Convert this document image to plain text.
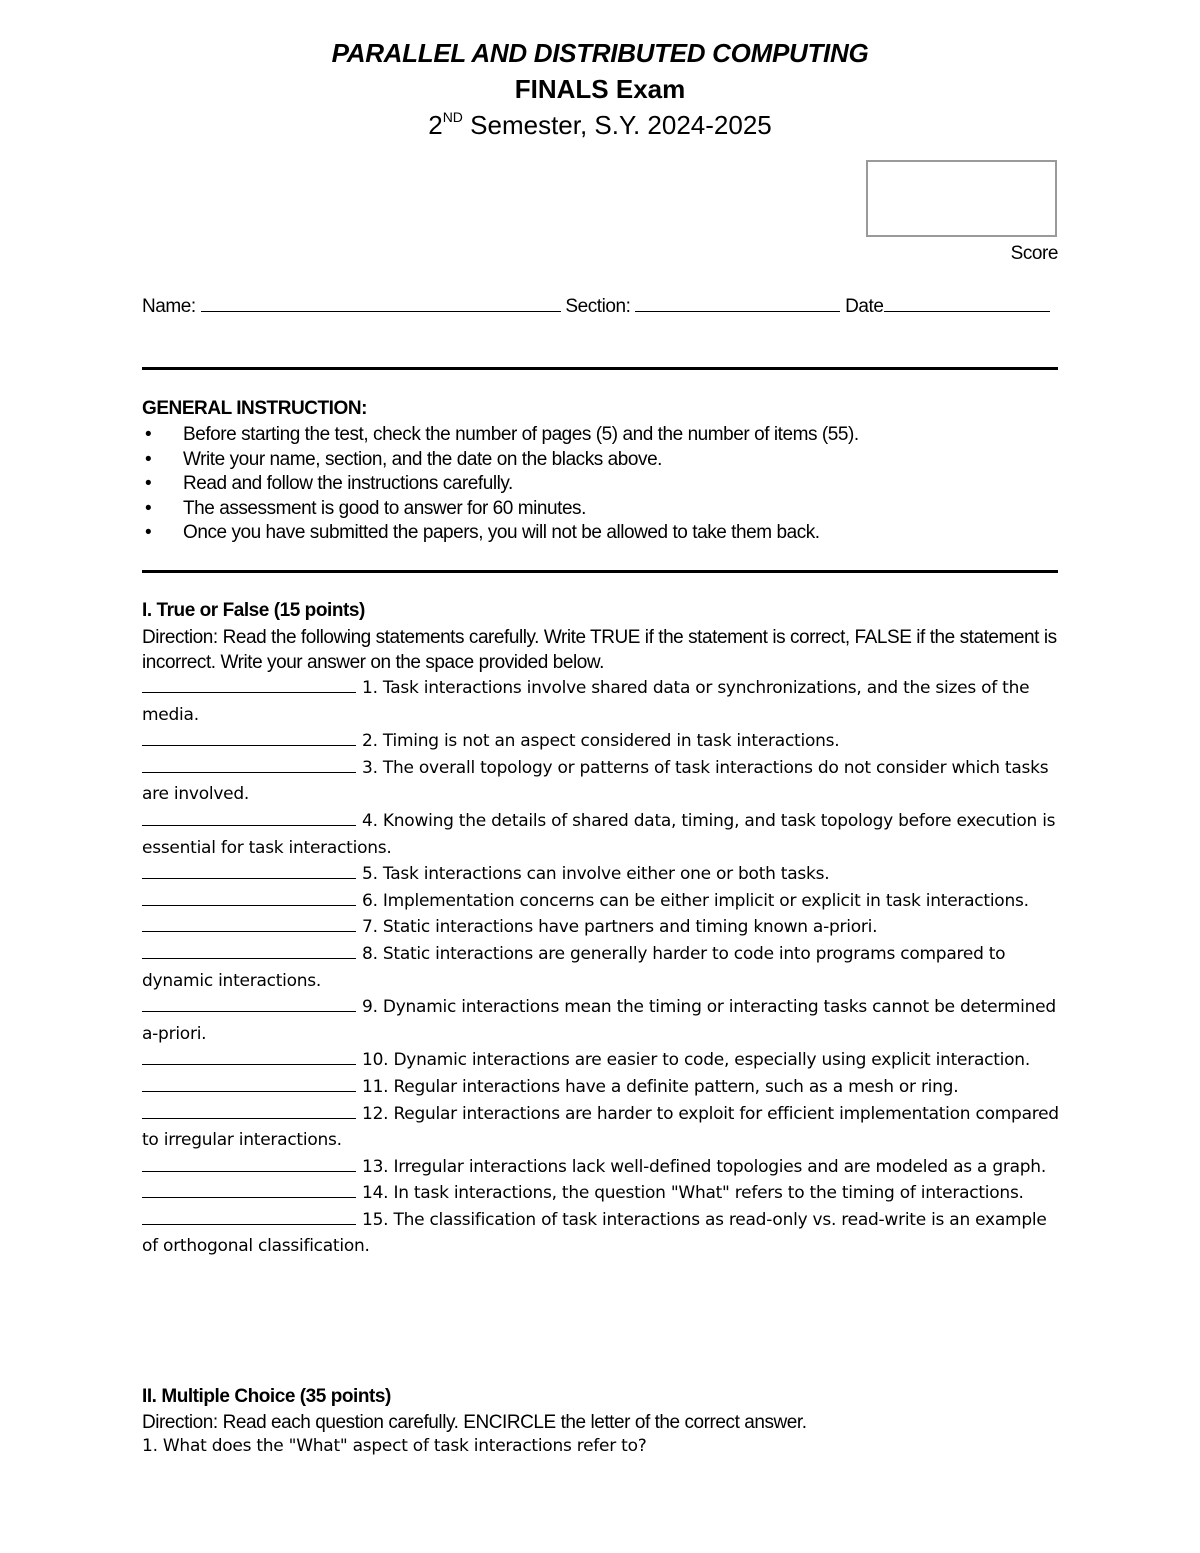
PARALLEL AND DISTRIBUTED COMPUTING
FINALS Exam
2ND Semester, S.Y. 2024-2025
Score
Name:	Section:	Date
GENERAL INSTRUCTION:
• Before starting the test, check the number of pages (5) and the number of items (55).
• Write your name, section, and the date on the blacks above.
• Read and follow the instructions carefully.
• The assessment is good to answer for 60 minutes.
• Once you have submitted the papers, you will not be allowed to take them back.
I. True or False (15 points)
Direction: Read the following statements carefully. Write TRUE if the statement is correct, FALSE if the statement is incorrect. Write your answer on the space provided below.
1. Task interactions involve shared data or synchronizations, and the sizes of the media.
2. Timing is not an aspect considered in task interactions.
3. The overall topology or patterns of task interactions do not consider which tasks are involved.
4. Knowing the details of shared data, timing, and task topology before execution is essential for task interactions.
5. Task interactions can involve either one or both tasks.
6. Implementation concerns can be either implicit or explicit in task interactions.
7. Static interactions have partners and timing known a-priori.
8. Static interactions are generally harder to code into programs compared to dynamic interactions.
9. Dynamic interactions mean the timing or interacting tasks cannot be determined a-priori.
10. Dynamic interactions are easier to code, especially using explicit interaction.
11. Regular interactions have a definite pattern, such as a mesh or ring.
12. Regular interactions are harder to exploit for efficient implementation compared to irregular interactions.
13. Irregular interactions lack well-defined topologies and are modeled as a graph.
14. In task interactions, the question "What" refers to the timing of interactions.
15. The classification of task interactions as read-only vs. read-write is an example of orthogonal classification.
II. Multiple Choice (35 points)
Direction: Read each question carefully. ENCIRCLE the letter of the correct answer.
1. What does the "What" aspect of task interactions refer to?
